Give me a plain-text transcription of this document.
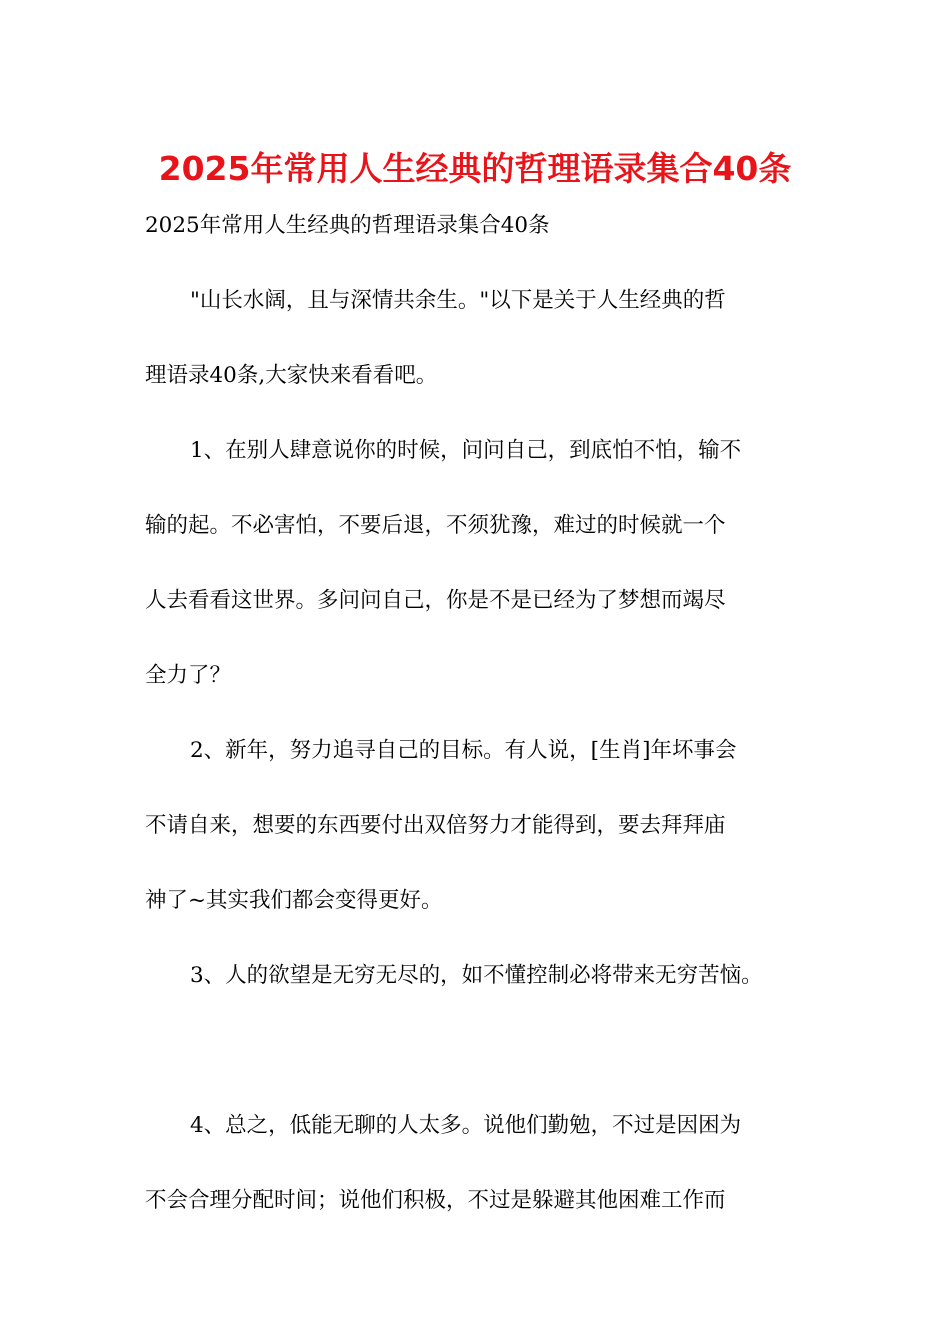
2025年常用人生经典的哲理语录集合40条
2025年常用人生经典的哲理语录集合40条
"山长水阔，且与深情共余生。"以下是关于人生经典的哲
理语录40条,大家快来看看吧。
1、在别人肆意说你的时候，问问自己，到底怕不怕，输不
输的起。不必害怕，不要后退，不须犹豫，难过的时候就一个
人去看看这世界。多问问自己，你是不是已经为了梦想而竭尽
全力了？
2、新年，努力追寻自己的目标。有人说，[生肖]年坏事会
不请自来，想要的东西要付出双倍努力才能得到，要去拜拜庙
神了~其实我们都会变得更好。
3、人的欲望是无穷无尽的，如不懂控制必将带来无穷苦恼。
4、总之，低能无聊的人太多。说他们勤勉，不过是因困为
不会合理分配时间；说他们积极，不过是躲避其他困难工作而
